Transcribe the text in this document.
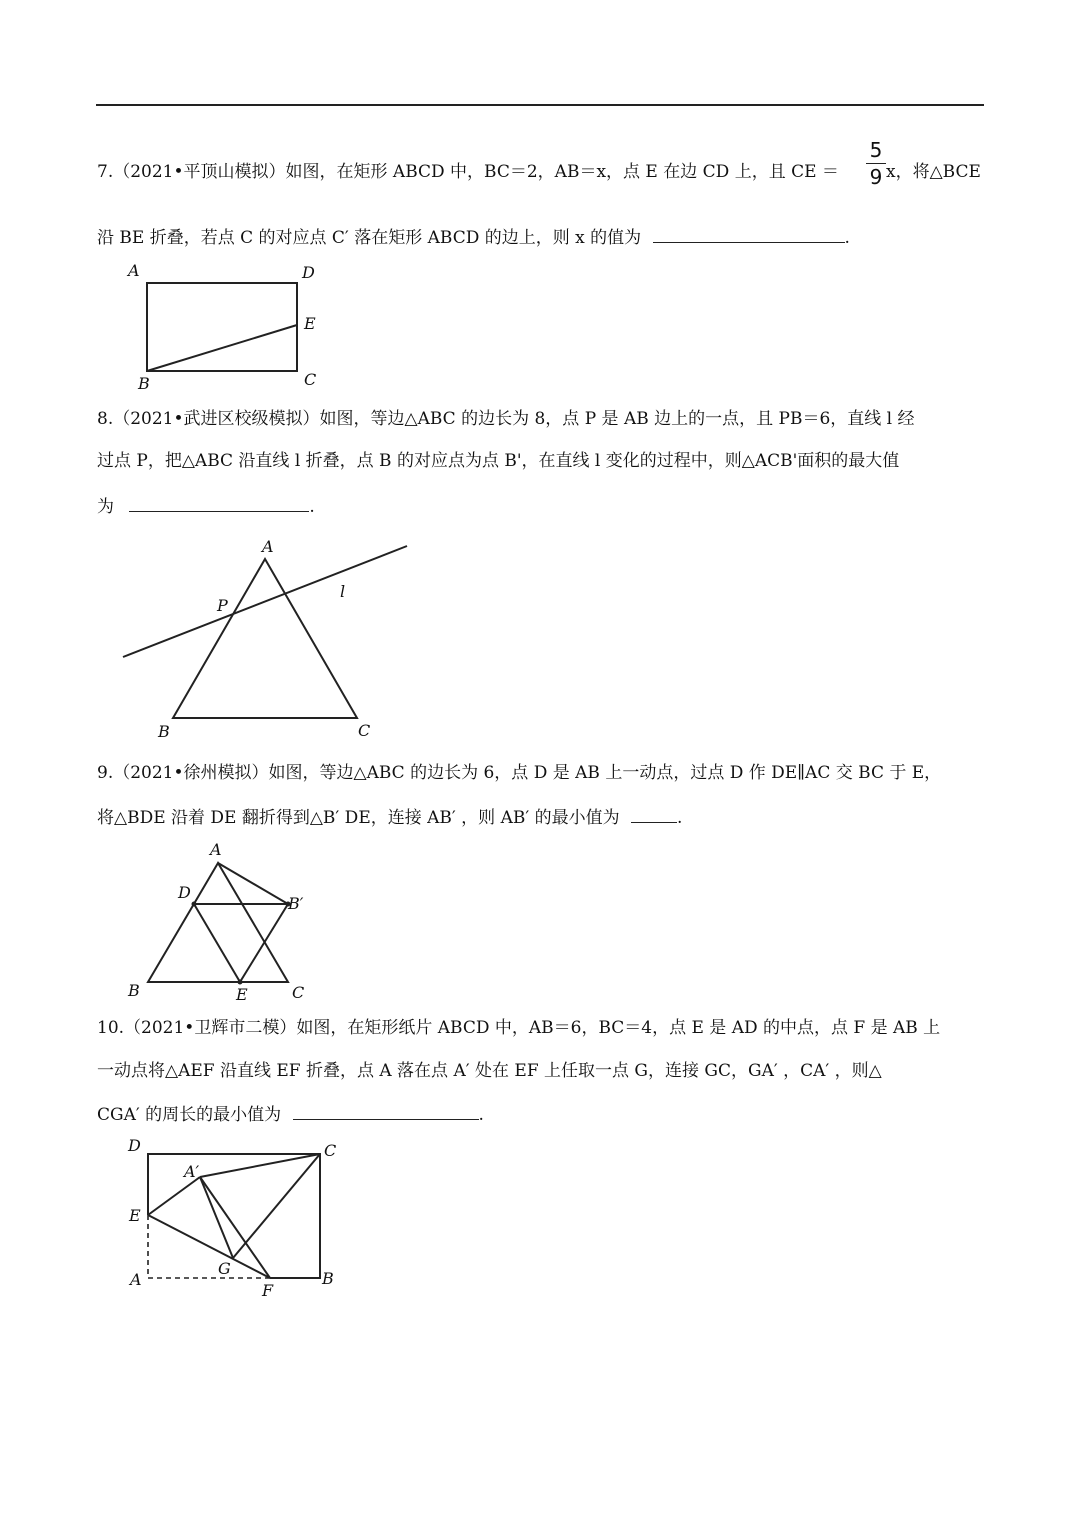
7.（2021•平顶山模拟）如图，在矩形 ABCD 中，BC＝2，AB＝x，点 E 在边 CD 上，且 CE ＝
5
9 x，将△BCE
沿 BE 折叠，若点 C 的对应点 C′ 落在矩形 ABCD 的边上，则 x 的值为	.
A	D
E
C
B
8.（2021•武进区校级模拟）如图，等边△ABC 的边长为 8，点 P 是 AB 边上的一点，且 PB＝6，直线 l 经
过点 P，把△ABC 沿直线 l 折叠，点 B 的对应点为点 B'，在直线 l 变化的过程中，则△ACB'面积的最大值
为	.
A
P
l
B	C
9.（2021•徐州模拟）如图，等边△ABC 的边长为 6，点 D 是 AB 上一动点，过点 D 作 DE∥AC 交 BC 于 E，
将△BDE 沿着 DE 翻折得到△B′ DE，连接 AB′ ，则 AB′ 的最小值为	.
A
D
B′
B	E	C
10.（2021•卫辉市二模）如图，在矩形纸片 ABCD 中，AB＝6，BC＝4，点 E 是 AD 的中点，点 F 是 AB 上
一动点将△AEF 沿直线 EF 折叠，点 A 落在点 A′ 处在 EF 上任取一点 G，连接 GC，GA′ ，CA′ ，则△
CGA′ 的周长的最小值为	.
D	C
A′
E
G
A
F
B
